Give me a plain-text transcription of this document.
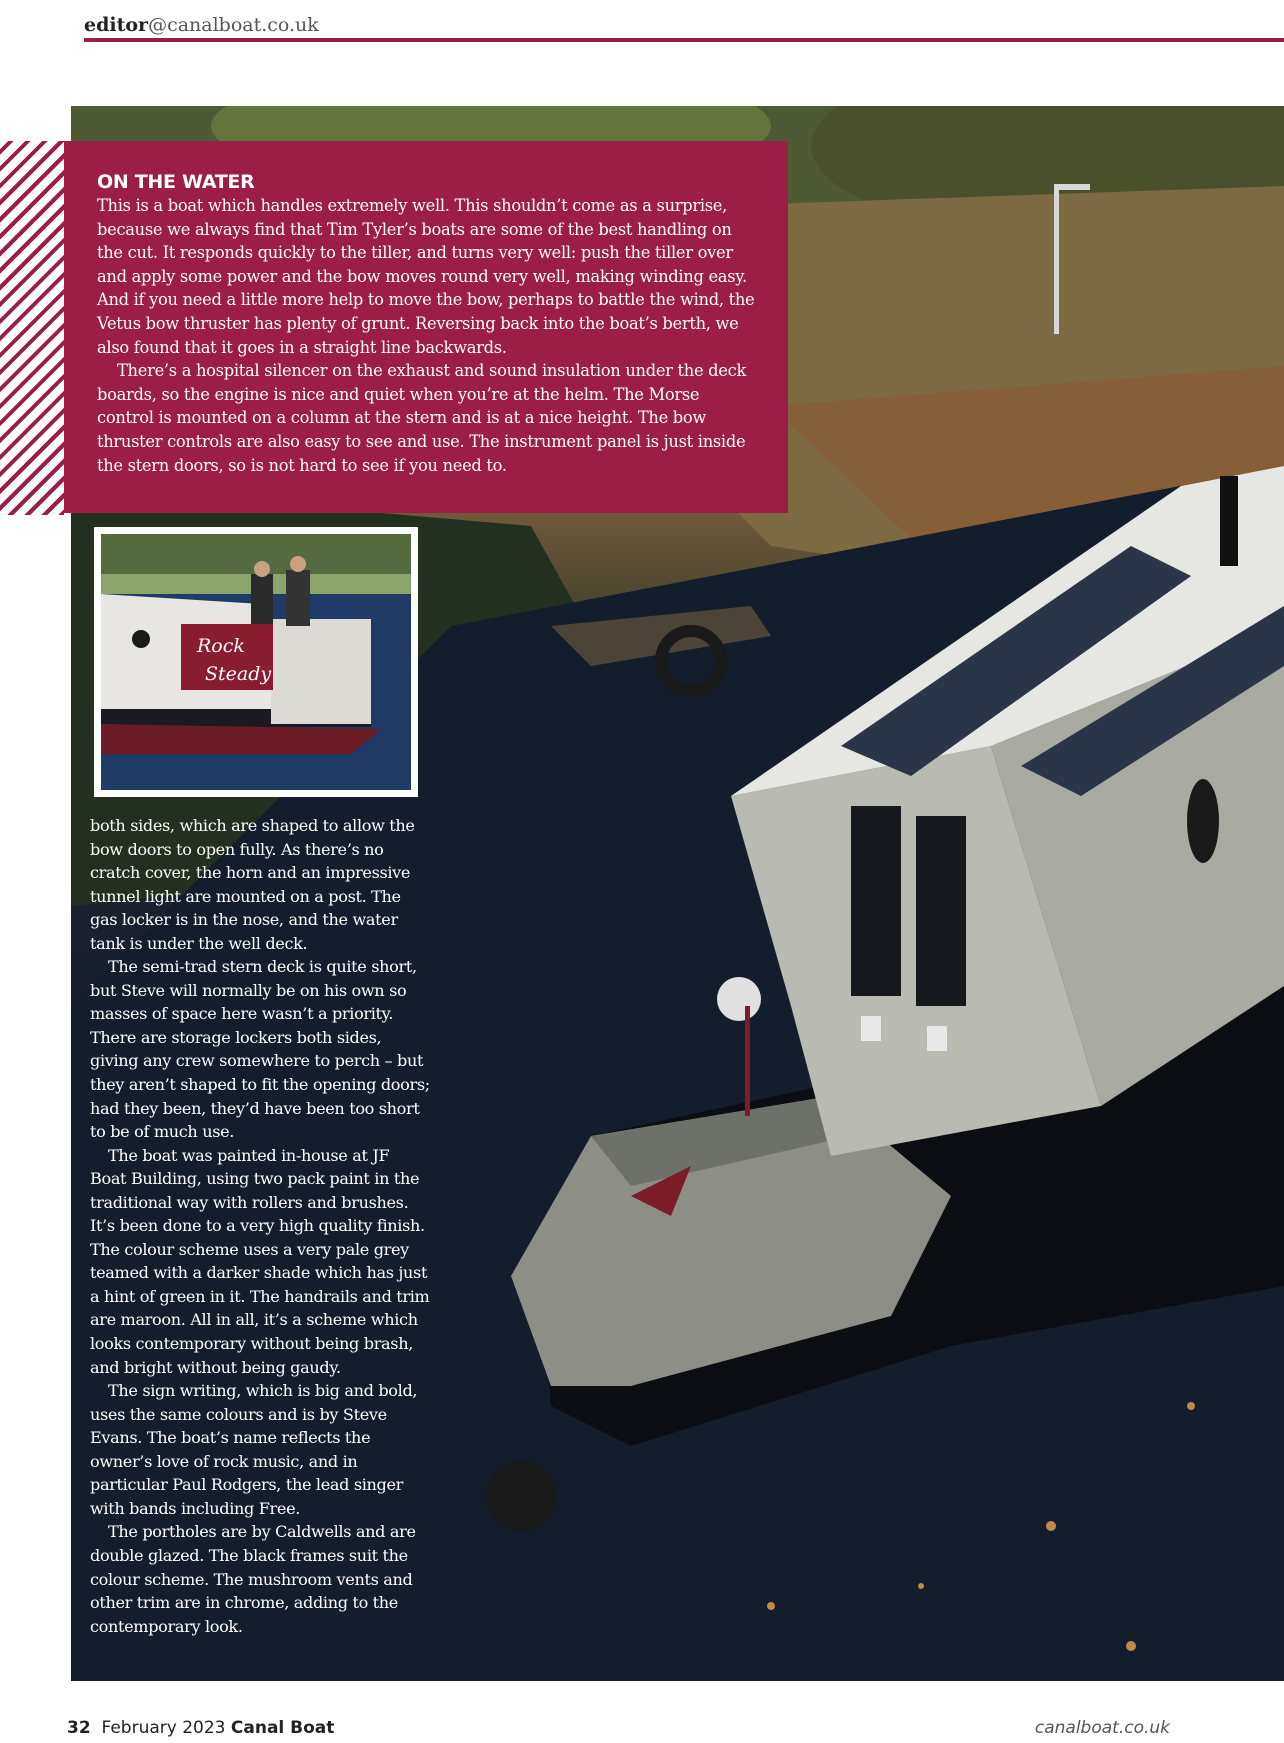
editor@canalboat.co.uk
ON THE WATER

This is a boat which handles extremely well. This shouldn’t come as a surprise, because we always find that Tim Tyler’s boats are some of the best handling on the cut. It responds quickly to the tiller, and turns very well: push the tiller over and apply some power and the bow moves round very well, making winding easy. And if you need a little more help to move the bow, perhaps to battle the wind, the Vetus bow thruster has plenty of grunt. Reversing back into the boat’s berth, we also found that it goes in a straight line backwards.

There’s a hospital silencer on the exhaust and sound insulation under the deck boards, so the engine is nice and quiet when you’re at the helm. The Morse control is mounted on a column at the stern and is at a nice height. The bow thruster controls are also easy to see and use. The instrument panel is just inside the stern doors, so is not hard to see if you need to.

Rock
Steady

both sides, which are shaped to allow the bow doors to open fully. As there’s no cratch cover, the horn and an impressive tunnel light are mounted on a post. The gas locker is in the nose, and the water tank is under the well deck.

The semi-trad stern deck is quite short, but Steve will normally be on his own so masses of space here wasn’t a priority. There are storage lockers both sides, giving any crew somewhere to perch – but they aren’t shaped to fit the opening doors; had they been, they’d have been too short to be of much use.

The boat was painted in-house at JF Boat Building, using two pack paint in the traditional way with rollers and brushes. It’s been done to a very high quality finish. The colour scheme uses a very pale grey teamed with a darker shade which has just a hint of green in it. The handrails and trim are maroon. All in all, it’s a scheme which looks contemporary without being brash, and bright without being gaudy.

The sign writing, which is big and bold, uses the same colours and is by Steve Evans. The boat’s name reflects the owner’s love of rock music, and in particular Paul Rodgers, the lead singer with bands including Free.

The portholes are by Caldwells and are double glazed. The black frames suit the colour scheme. The mushroom vents and other trim are in chrome, adding to the contemporary look.

32 February 2023 Canal Boat	canalboat.co.uk
